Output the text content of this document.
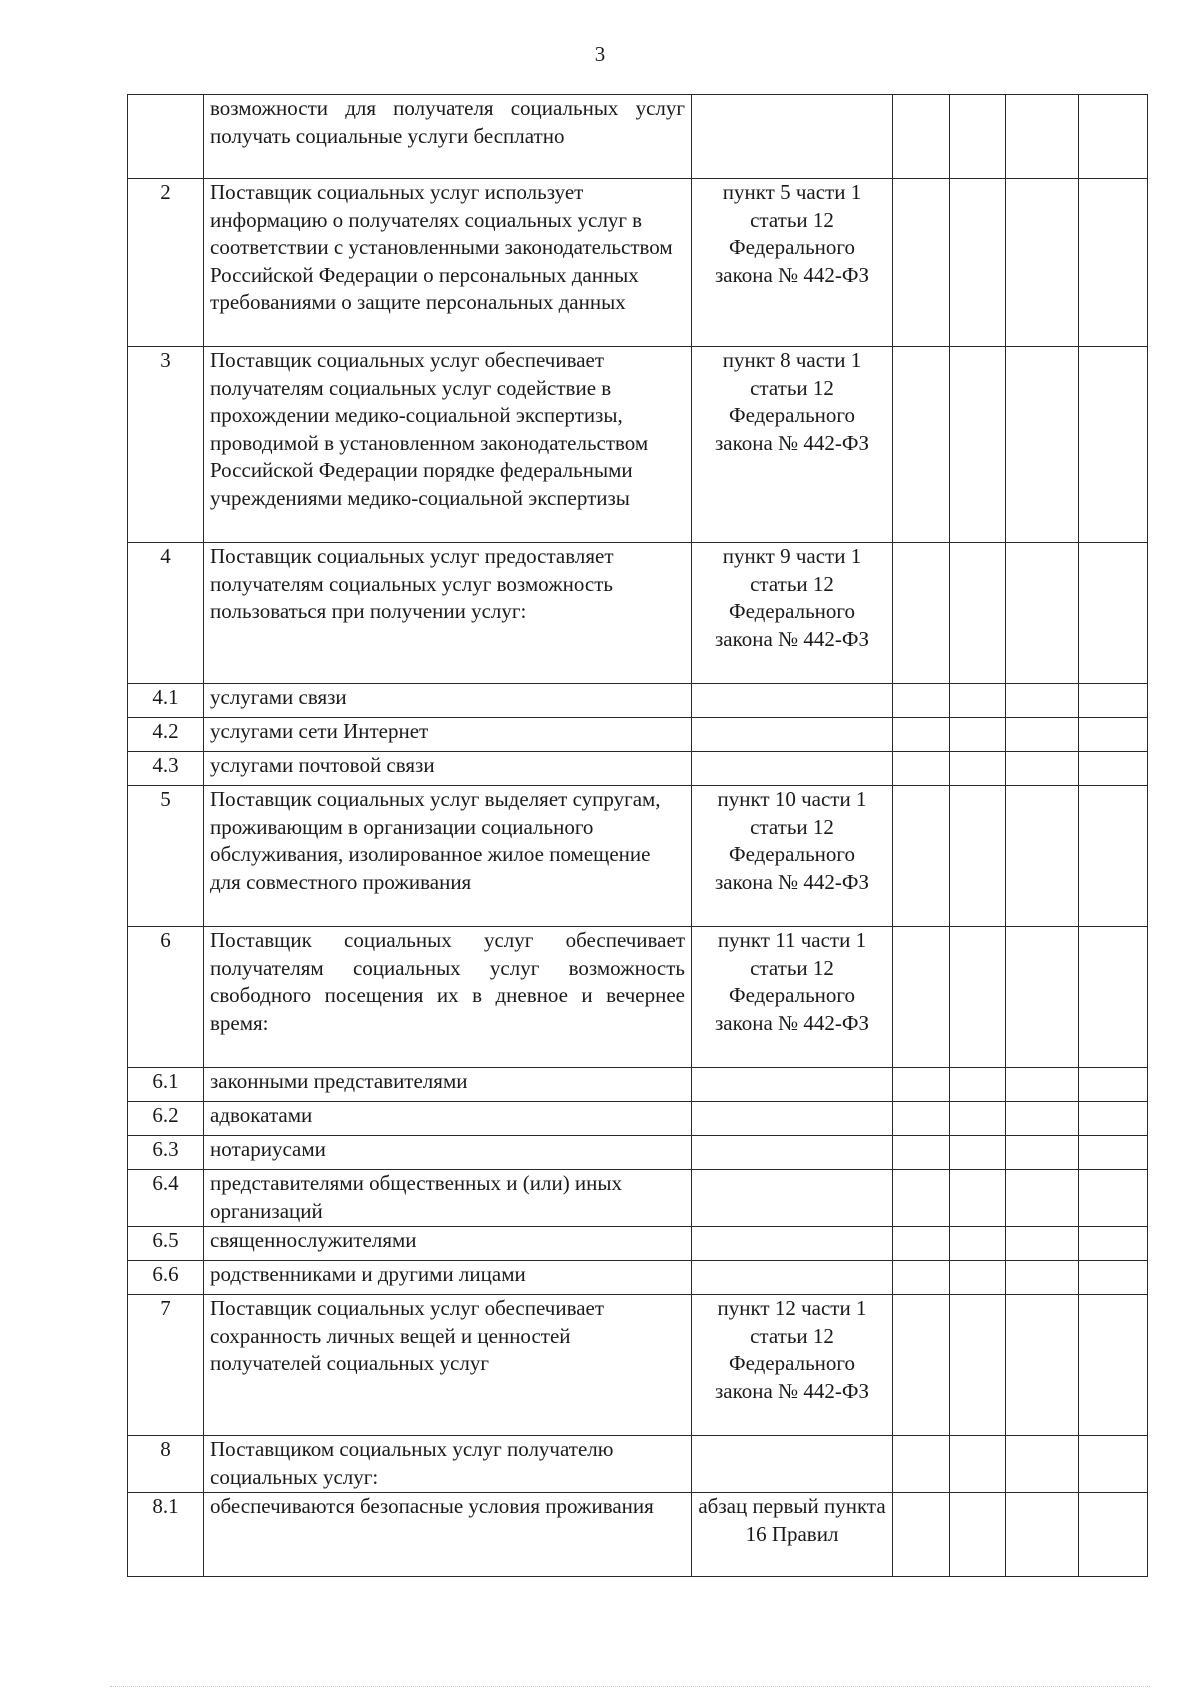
3
	возможности для получателя социальных услуг получать социальные услуги бесплатно					
2	Поставщик социальных услуг использует информацию о получателях социальных услуг в соответствии с установленными законодательством Российской Федерации о персональных данных требованиями о защите персональных данных	пункт 5 части 1 статьи 12 Федерального закона № 442-ФЗ				
3	Поставщик социальных услуг обеспечивает получателям социальных услуг содействие в прохождении медико-социальной экспертизы, проводимой в установленном законодательством Российской Федерации порядке федеральными учреждениями медико-социальной экспертизы	пункт 8 части 1 статьи 12 Федерального закона № 442-ФЗ				
4	Поставщик социальных услуг предоставляет получателям социальных услуг возможность пользоваться при получении услуг:	пункт 9 части 1 статьи 12 Федерального закона № 442-ФЗ				
4.1	услугами связи					
4.2	услугами сети Интернет					
4.3	услугами почтовой связи					
5	Поставщик социальных услуг выделяет супругам, проживающим в организации социального обслуживания, изолированное жилое помещение для совместного проживания	пункт 10 части 1 статьи 12 Федерального закона № 442-ФЗ				
6	Поставщик социальных услуг обеспечивает получателям социальных услуг возможность свободного посещения их в дневное и вечернее время:	пункт 11 части 1 статьи 12 Федерального закона № 442-ФЗ				
6.1	законными представителями					
6.2	адвокатами					
6.3	нотариусами					
6.4	представителями общественных и (или) иных организаций					
6.5	священнослужителями					
6.6	родственниками и другими лицами					
7	Поставщик социальных услуг обеспечивает сохранность личных вещей и ценностей получателей социальных услуг	пункт 12 части 1 статьи 12 Федерального закона № 442-ФЗ				
8	Поставщиком социальных услуг получателю социальных услуг:					
8.1	обеспечиваются безопасные условия проживания	абзац первый пункта 16 Правил				
